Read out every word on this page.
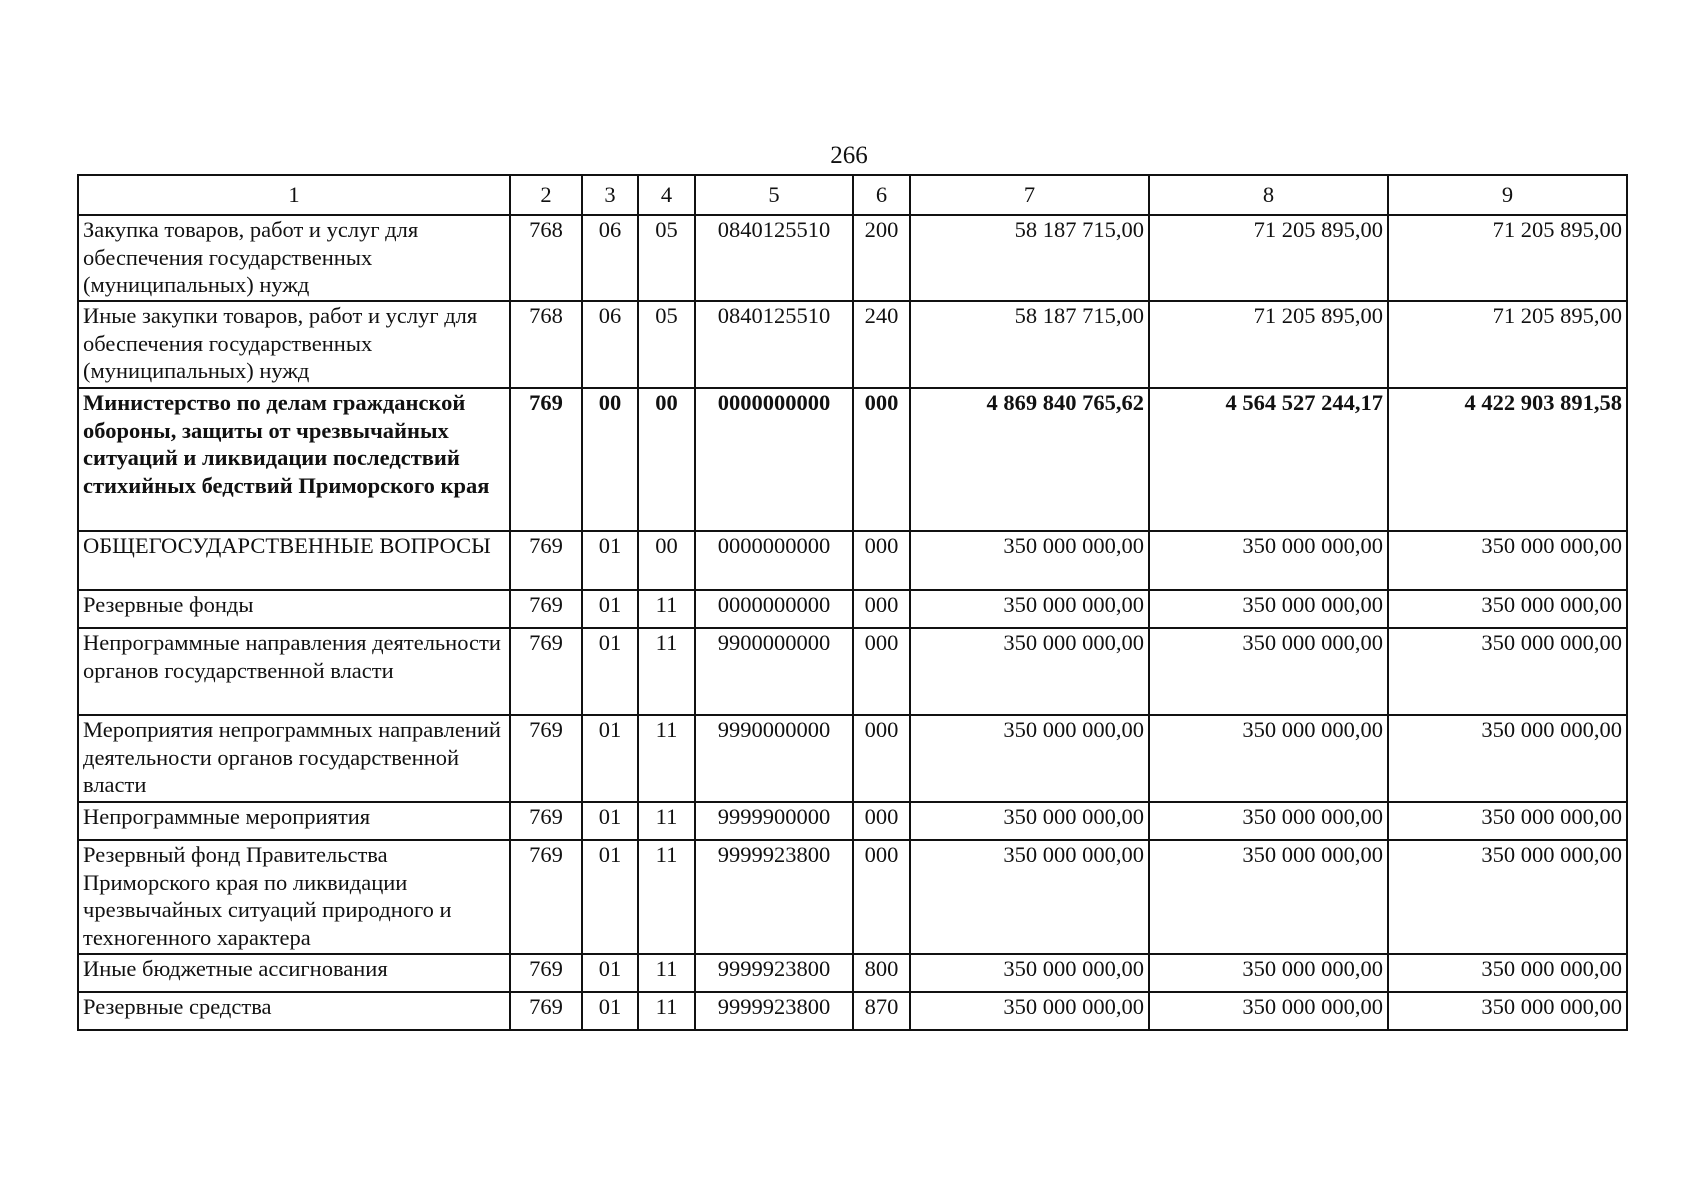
266
1	2	3	4	5	6	7	8	9
Закупка товаров, работ и услуг для обеспечения государственных (муниципальных) нужд	768	06	05	0840125510	200	58 187 715,00	71 205 895,00	71 205 895,00
Иные закупки товаров, работ и услуг для обеспечения государственных (муниципальных) нужд	768	06	05	0840125510	240	58 187 715,00	71 205 895,00	71 205 895,00
Министерство по делам гражданской обороны, защиты от чрезвычайных ситуаций и ликвидации последствий стихийных бедствий Приморского края	769	00	00	0000000000	000	4 869 840 765,62	4 564 527 244,17	4 422 903 891,58
ОБЩЕГОСУДАРСТВЕННЫЕ ВОПРОСЫ	769	01	00	0000000000	000	350 000 000,00	350 000 000,00	350 000 000,00
Резервные фонды	769	01	11	0000000000	000	350 000 000,00	350 000 000,00	350 000 000,00
Непрограммные направления деятельности органов государственной власти	769	01	11	9900000000	000	350 000 000,00	350 000 000,00	350 000 000,00
Мероприятия непрограммных направлений деятельности органов государственной власти	769	01	11	9990000000	000	350 000 000,00	350 000 000,00	350 000 000,00
Непрограммные мероприятия	769	01	11	9999900000	000	350 000 000,00	350 000 000,00	350 000 000,00
Резервный фонд Правительства Приморского края по ликвидации чрезвычайных ситуаций природного и техногенного характера	769	01	11	9999923800	000	350 000 000,00	350 000 000,00	350 000 000,00
Иные бюджетные ассигнования	769	01	11	9999923800	800	350 000 000,00	350 000 000,00	350 000 000,00
Резервные средства	769	01	11	9999923800	870	350 000 000,00	350 000 000,00	350 000 000,00
